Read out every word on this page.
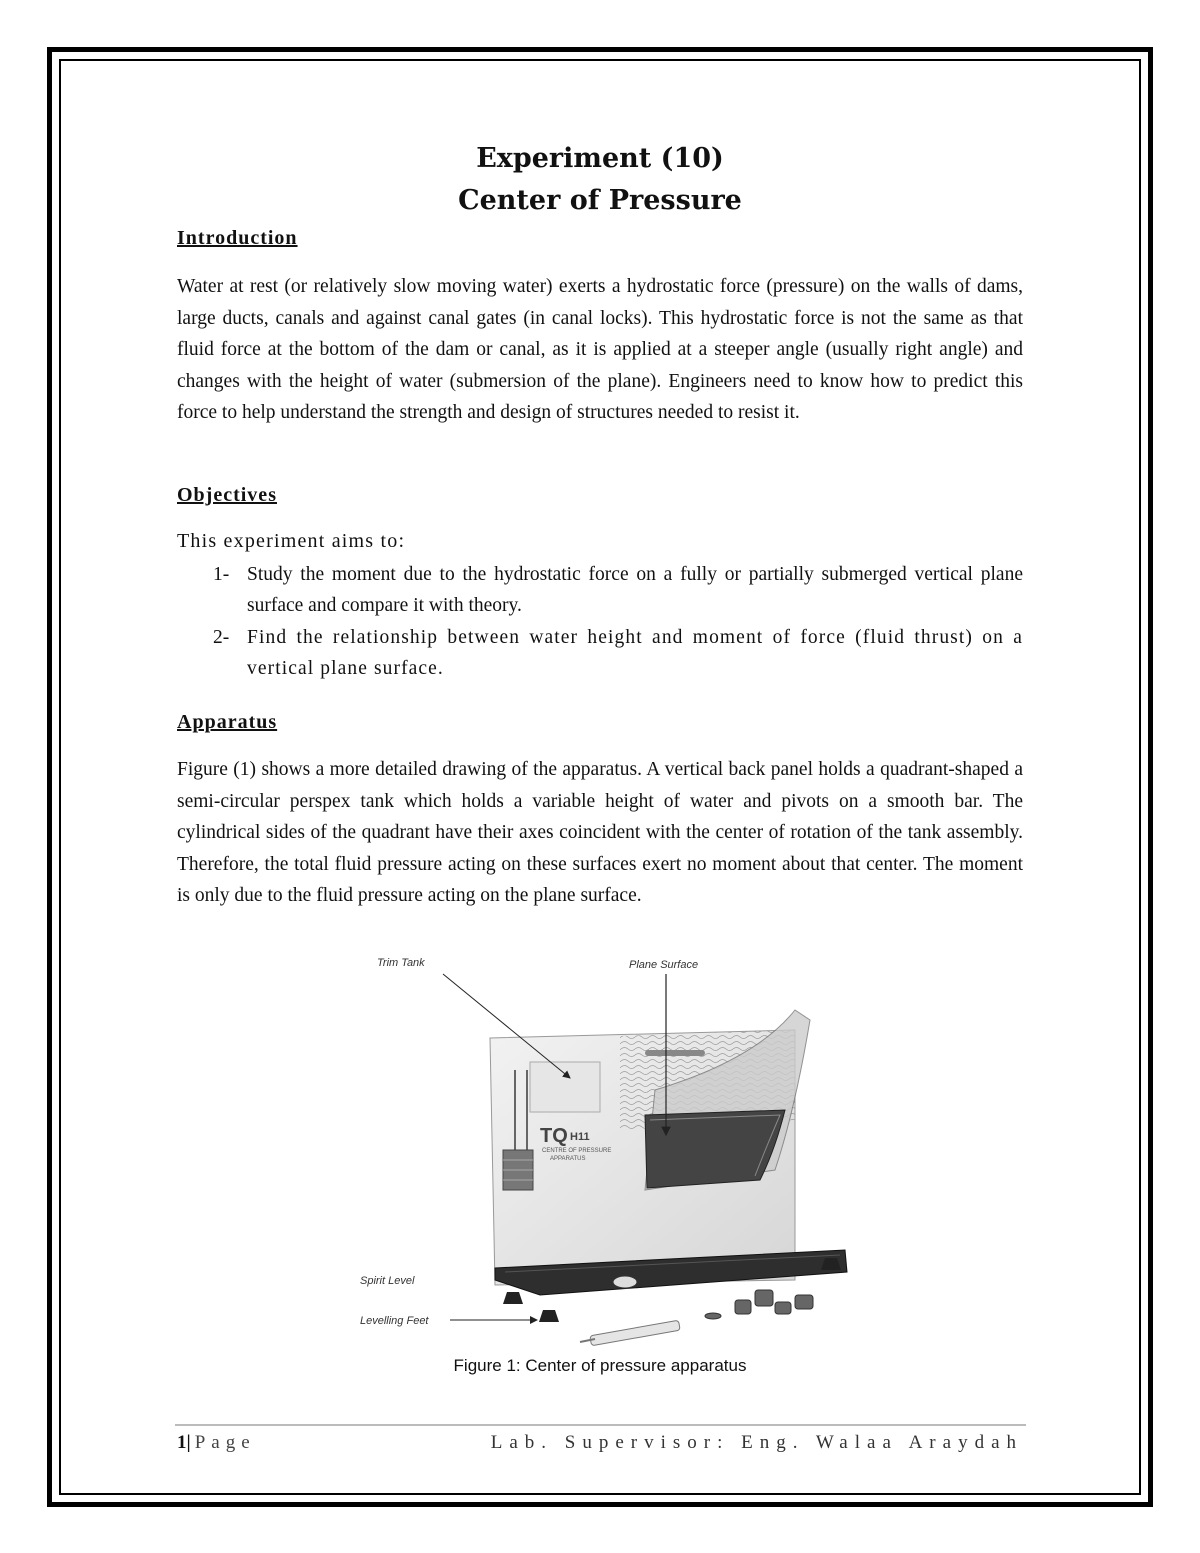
Experiment (10)
Center of Pressure
Introduction

Water at rest (or relatively slow moving water) exerts a hydrostatic force (pressure) on the walls of dams, large ducts, canals and against canal gates (in canal locks). This hydrostatic force is not the same as that fluid force at the bottom of the dam or canal, as it is applied at a steeper angle (usually right angle) and changes with the height of water (submersion of the plane). Engineers need to know how to predict this force to help understand the strength and design of structures needed to resist it.

Objectives
This experiment aims to:
1- Study the moment due to the hydrostatic force on a fully or partially submerged vertical plane surface and compare it with theory.
2- Find the relationship between water height and moment of force (fluid thrust) on a vertical plane surface.
Apparatus

Figure (1) shows a more detailed drawing of the apparatus. A vertical back panel holds a quadrant-shaped a semi-circular perspex tank which holds a variable height of water and pivots on a smooth bar. The cylindrical sides of the quadrant have their axes coincident with the center of rotation of the tank assembly. Therefore, the total fluid pressure acting on these surfaces exert no moment about that center. The moment is only due to the fluid pressure acting on the plane surface.

TQ H11
CENTRE OF PRESSURE
APPARATUS
Trim Tank	Plane Surface
Spirit Level
Levelling Feet
Figure 1: Center of pressure apparatus
1| Page	Lab. Supervisor: Eng. Walaa Araydah
